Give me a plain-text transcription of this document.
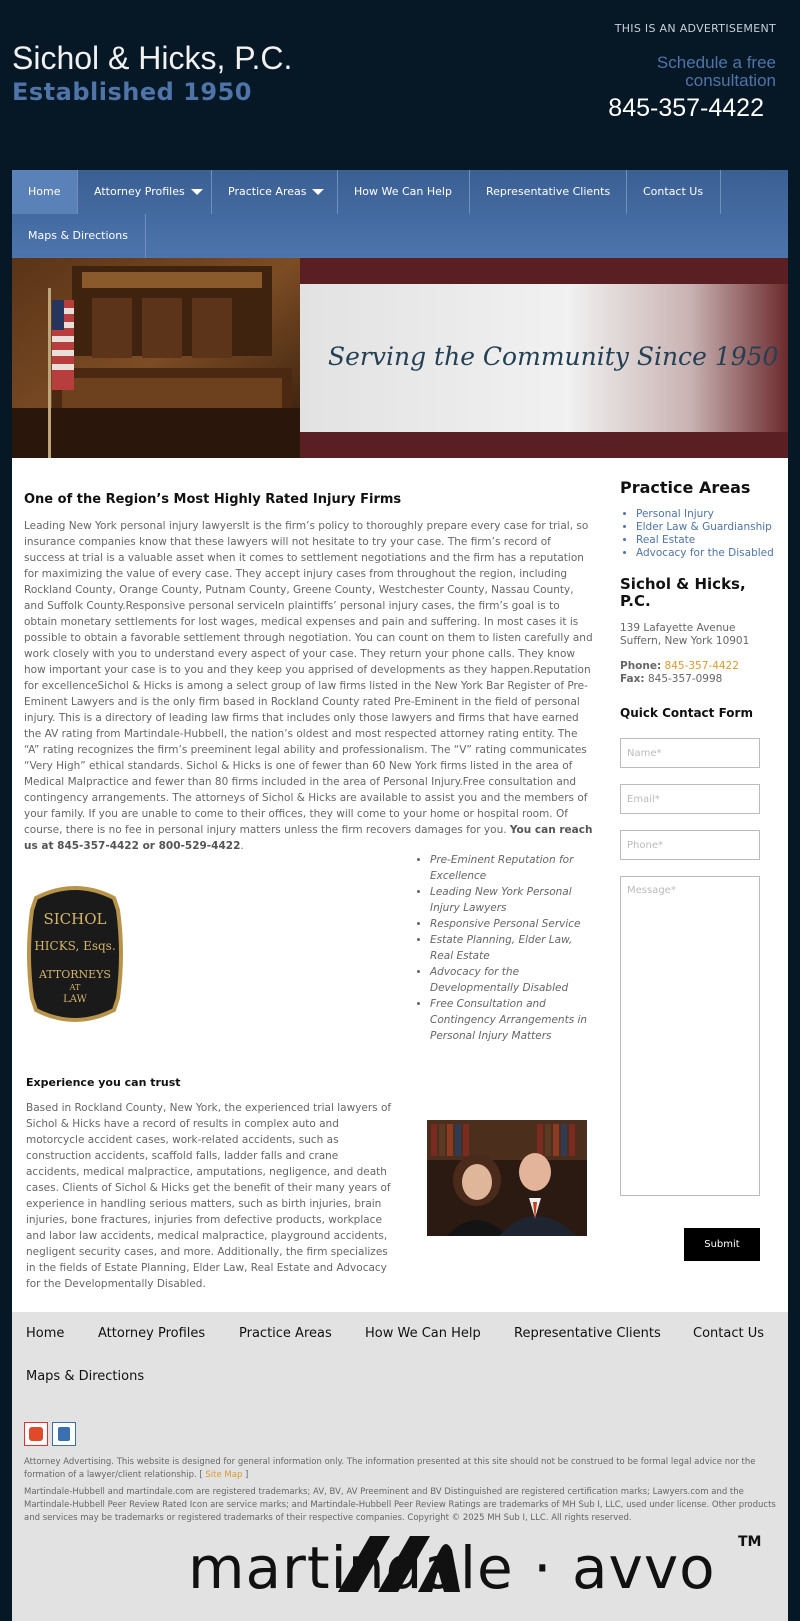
Sichol & Hicks, P.C.
Established 1950
THIS IS AN ADVERTISEMENT
Schedule a free consultation
845-357-4422
Home	Attorney Profiles	Practice Areas	How We Can Help	Representative Clients	Contact Us
Maps & Directions
Serving the Community Since 1950
One of the Region’s Most Highly Rated Injury Firms

Leading New York personal injury lawyersIt is the firm’s policy to thoroughly prepare every case for trial, so insurance companies know that these lawyers will not hesitate to try your case. The firm’s record of success at trial is a valuable asset when it comes to settlement negotiations and the firm has a reputation for maximizing the value of every case. They accept injury cases from throughout the region, including Rockland County, Orange County, Putnam County, Greene County, Westchester County, Nassau County, and Suffolk County.Responsive personal serviceIn plaintiffs’ personal injury cases, the firm’s goal is to obtain monetary settlements for lost wages, medical expenses and pain and suffering. In most cases it is possible to obtain a favorable settlement through negotiation. You can count on them to listen carefully and work closely with you to understand every aspect of your case. They return your phone calls. They know how important your case is to you and they keep you apprised of developments as they happen.Reputation for excellenceSichol & Hicks is among a select group of law firms listed in the New York Bar Register of Pre-Eminent Lawyers and is the only firm based in Rockland County rated Pre-Eminent in the field of personal injury. This is a directory of leading law firms that includes only those lawyers and firms that have earned the AV rating from Martindale-Hubbell, the nation’s oldest and most respected attorney rating entity. The “A” rating recognizes the firm’s preeminent legal ability and professionalism. The “V” rating communicates “Very High” ethical standards. Sichol & Hicks is one of fewer than 60 New York firms listed in the area of Medical Malpractice and fewer than 80 firms included in the area of Personal Injury.Free consultation and contingency arrangements. The attorneys of Sichol & Hicks are available to assist you and the members of your family. If you are unable to come to their offices, they will come to your home or hospital room. Of course, there is no fee in personal injury matters unless the firm recovers damages for you. You can reach us at 845-357-4422 or 800-529-4422.

SICHOL
HICKS, Esqs.
ATTORNEYS
AT
LAW
• Pre-Eminent Reputation for Excellence
• Leading New York Personal Injury Lawyers
• Responsive Personal Service
• Estate Planning, Elder Law, Real Estate
• Advocacy for the Developmentally Disabled
• Free Consultation and Contingency Arrangements in Personal Injury Matters
Experience you can trust

Based in Rockland County, New York, the experienced trial lawyers of Sichol & Hicks have a record of results in complex auto and motorcycle accident cases, work-related accidents, such as construction accidents, scaffold falls, ladder falls and crane accidents, medical malpractice, amputations, negligence, and death cases. Clients of Sichol & Hicks get the benefit of their many years of experience in handling serious matters, such as birth injuries, brain injuries, bone fractures, injuries from defective products, workplace and labor law accidents, medical malpractice, playground accidents, negligent security cases, and more. Additionally, the firm specializes in the fields of Estate Planning, Elder Law, Real Estate and Advocacy for the Developmentally Disabled.

Practice Areas
• Personal Injury
• Elder Law & Guardianship
• Real Estate
• Advocacy for the Disabled
Sichol & Hicks, P.C.
139 Lafayette Avenue
Suffern, New York 10901
Phone: 845-357-4422
Fax: 845-357-0998
Quick Contact Form
Name*
Email*
Phone*
Message*
Submit
Home	Attorney Profiles	Practice Areas	How We Can Help	Representative Clients Contact Us
Maps & Directions

Attorney Advertising. This website is designed for general information only. The information presented at this site should not be construed to be formal legal advice nor the formation of a lawyer/client relationship. [ Site Map ]

Martindale-Hubbell and martindale.com are registered trademarks; AV, BV, AV Preeminent and BV Distinguished are registered certification marks; Lawyers.com and the Martindale-Hubbell Peer Review Rated Icon are service marks; and Martindale-Hubbell Peer Review Ratings are trademarks of MH Sub I, LLC, used under license. Other products and services may be trademarks or registered trademarks of their respective companies. Copyright © 2025 MH Sub I, LLC. All rights reserved.

martindale · avvo TM
